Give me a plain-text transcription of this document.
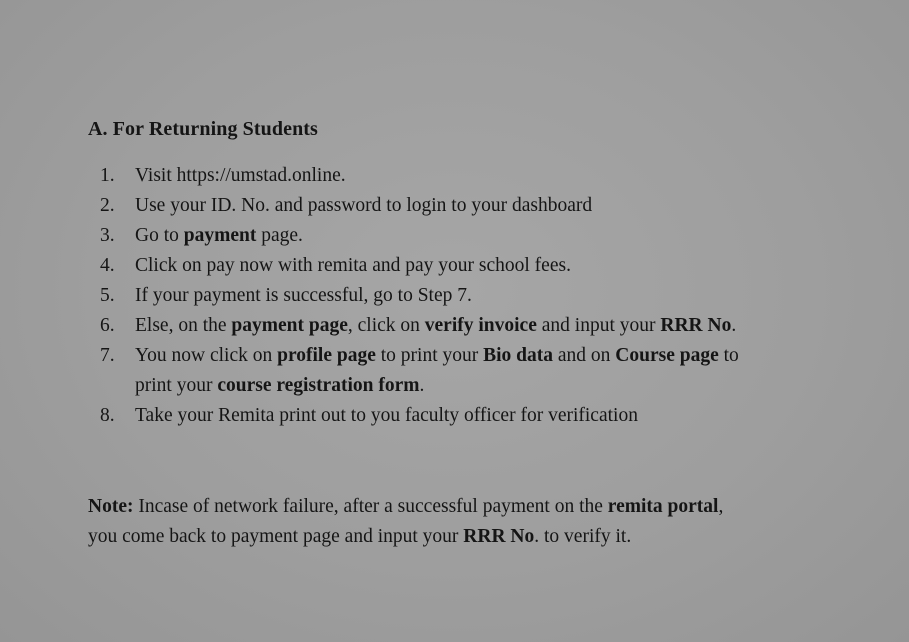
A. For Returning Students
1. Visit https://umstad.online.
2. Use your ID. No. and password to login to your dashboard
3. Go to payment page.
4. Click on pay now with remita and pay your school fees.
5. If your payment is successful, go to Step 7.
6. Else, on the payment page, click on verify invoice and input your RRR No.
7. You now click on profile page to print your Bio data and on Course page to
print your course registration form.
8. Take your Remita print out to you faculty officer for verification
Note: Incase of network failure, after a successful payment on the remita portal,
you come back to payment page and input your RRR No. to verify it.
